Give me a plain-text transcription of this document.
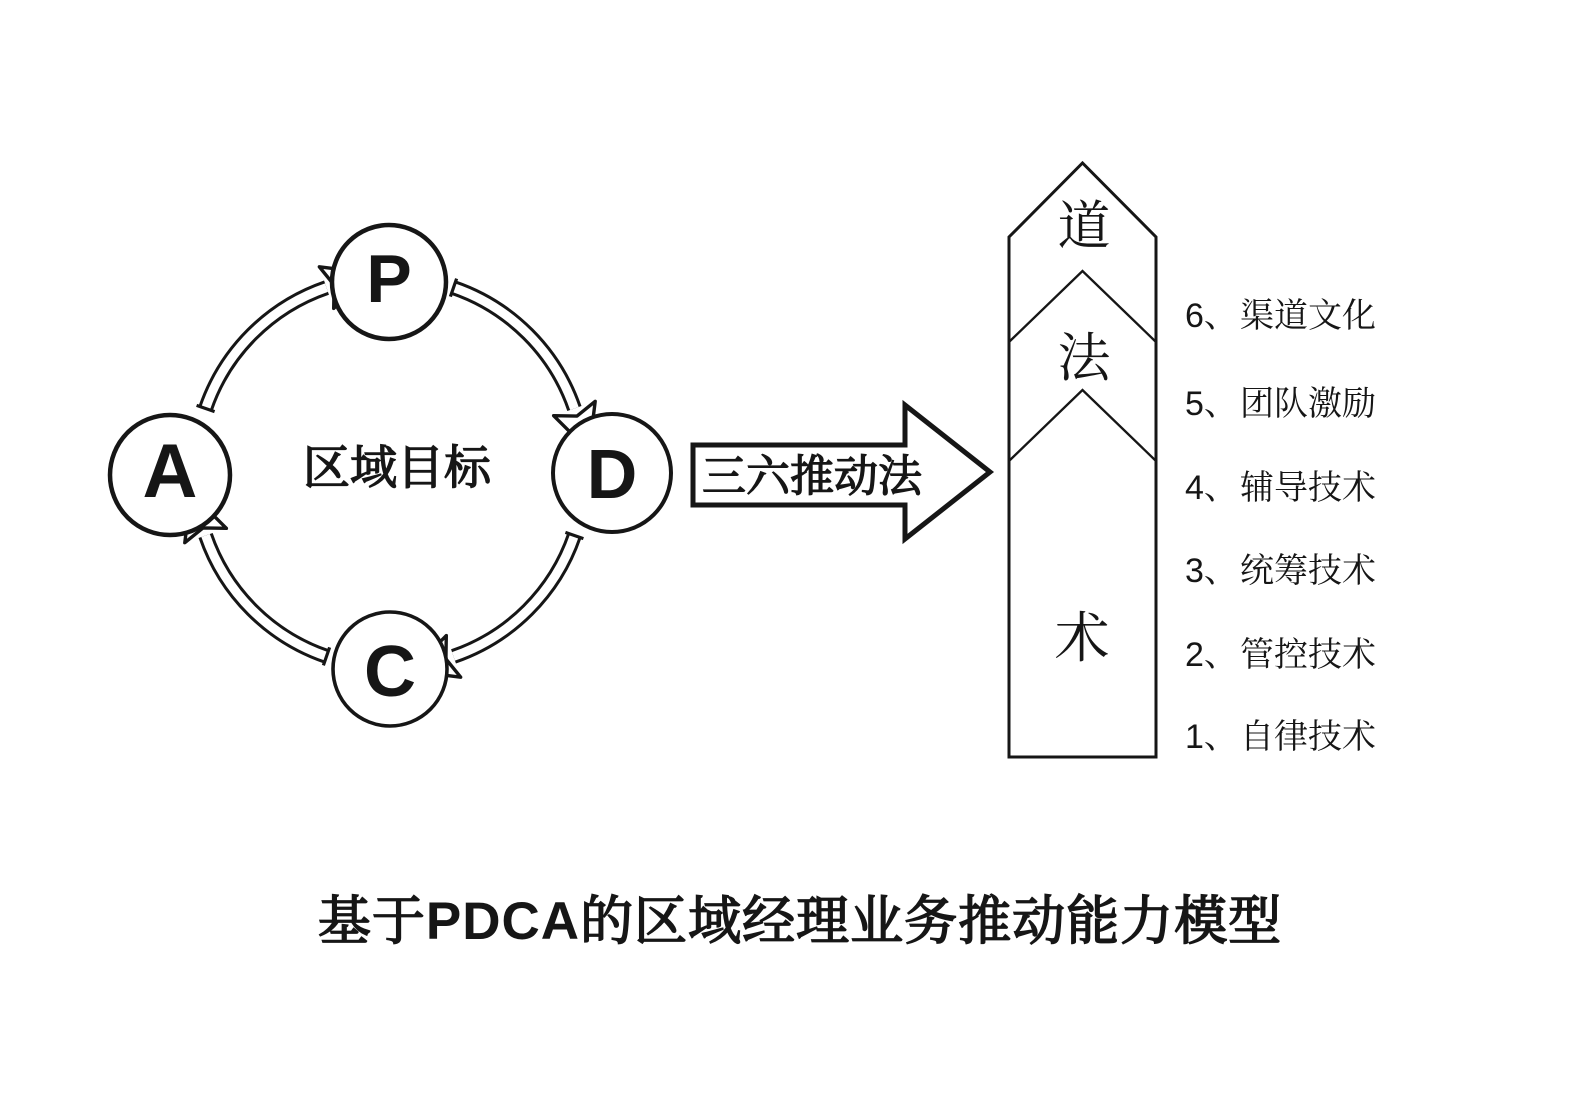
P
D
C
A 区域目标	三六推动法
道
法
术
6、 渠道文化
5、 团队激励
4、 辅导技术
3、 统筹技术
2、 管控技术
1、 自律技术
基于PDCA的区域经理业务推动能力模型
